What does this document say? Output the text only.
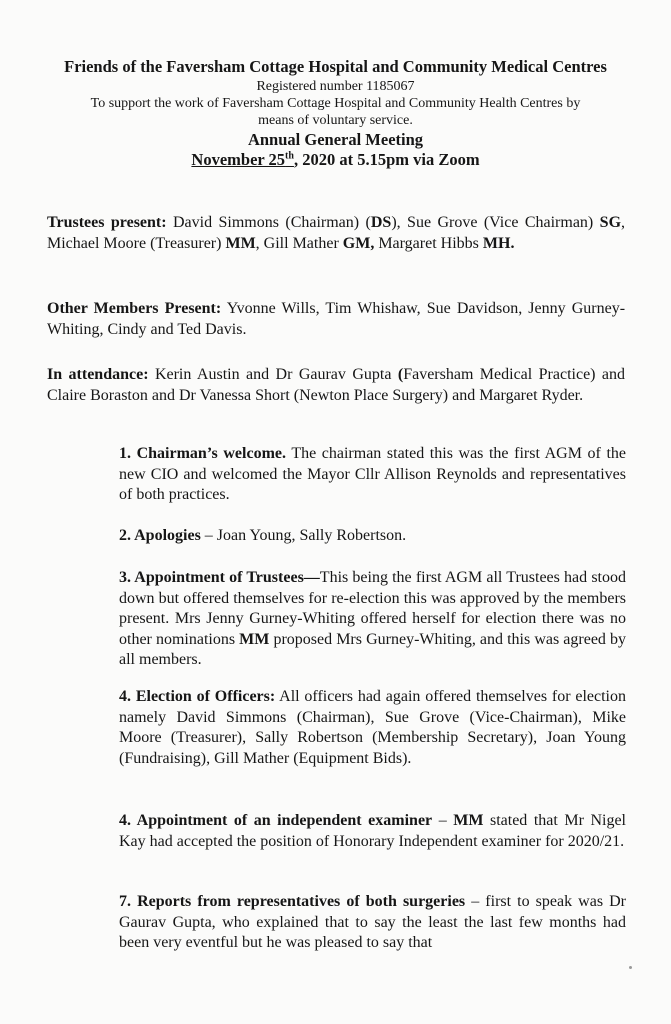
Friends of the Faversham Cottage Hospital and Community Medical Centres
Registered number 1185067
To support the work of Faversham Cottage Hospital and Community Health Centres by
means of voluntary service.
Annual General Meeting
November 25th, 2020 at 5.15pm via Zoom
Trustees present: David Simmons (Chairman) (DS), Sue Grove (Vice Chairman) SG, Michael Moore (Treasurer) MM, Gill Mather GM, Margaret Hibbs MH.
Other Members Present: Yvonne Wills, Tim Whishaw, Sue Davidson, Jenny Gurney-Whiting, Cindy and Ted Davis.
In attendance: Kerin Austin and Dr Gaurav Gupta (Faversham Medical Practice) and Claire Boraston and Dr Vanessa Short (Newton Place Surgery) and Margaret Ryder.
1. Chairman’s welcome. The chairman stated this was the first AGM of the new CIO and welcomed the Mayor Cllr Allison Reynolds and representatives of both practices.
2. Apologies – Joan Young, Sally Robertson.
3. Appointment of Trustees—This being the first AGM all Trustees had stood down but offered themselves for re-election this was approved by the members present. Mrs Jenny Gurney-Whiting offered herself for election there was no other nominations MM proposed Mrs Gurney-Whiting, and this was agreed by all members.
4. Election of Officers: All officers had again offered themselves for election namely David Simmons (Chairman), Sue Grove (Vice-Chairman), Mike Moore (Treasurer), Sally Robertson (Membership Secretary), Joan Young (Fundraising), Gill Mather (Equipment Bids).
4. Appointment of an independent examiner – MM stated that Mr Nigel Kay had accepted the position of Honorary Independent examiner for 2020/21.
7. Reports from representatives of both surgeries – first to speak was Dr Gaurav Gupta, who explained that to say the least the last few months had been very eventful but he was pleased to say that
